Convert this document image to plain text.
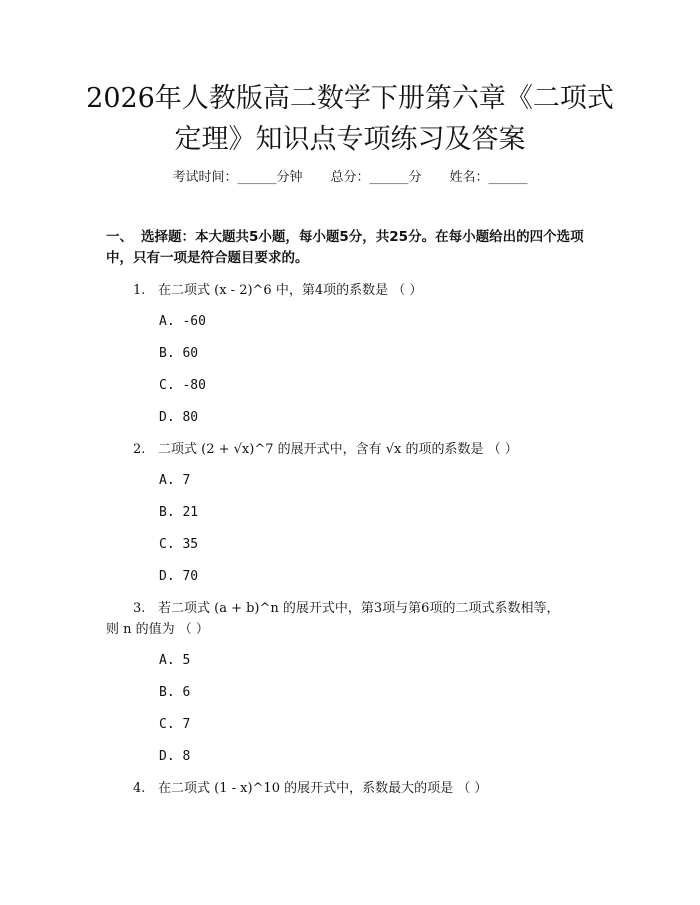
2026年人教版高二数学下册第六章《二项式
定理》知识点专项练习及答案
考试时间：______分钟 总分：______分 姓名：______
一、 选择题：本大题共5小题，每小题5分，共25分。在每小题给出的四个选项中，只有一项是符合题目要求的。
1. 在二项式 (x - 2)^6 中，第4项的系数是 （ ）
A. -60
B. 60
C. -80
D. 80
2. 二项式 (2 + √x)^7 的展开式中，含有 √x 的项的系数是 （ ）
A. 7
B. 21
C. 35
D. 70
3. 若二项式 (a + b)^n 的展开式中，第3项与第6项的二项式系数相等，
则 n 的值为 （ ）
A. 5
B. 6
C. 7
D. 8
4. 在二项式 (1 - x)^10 的展开式中，系数最大的项是 （ ）
